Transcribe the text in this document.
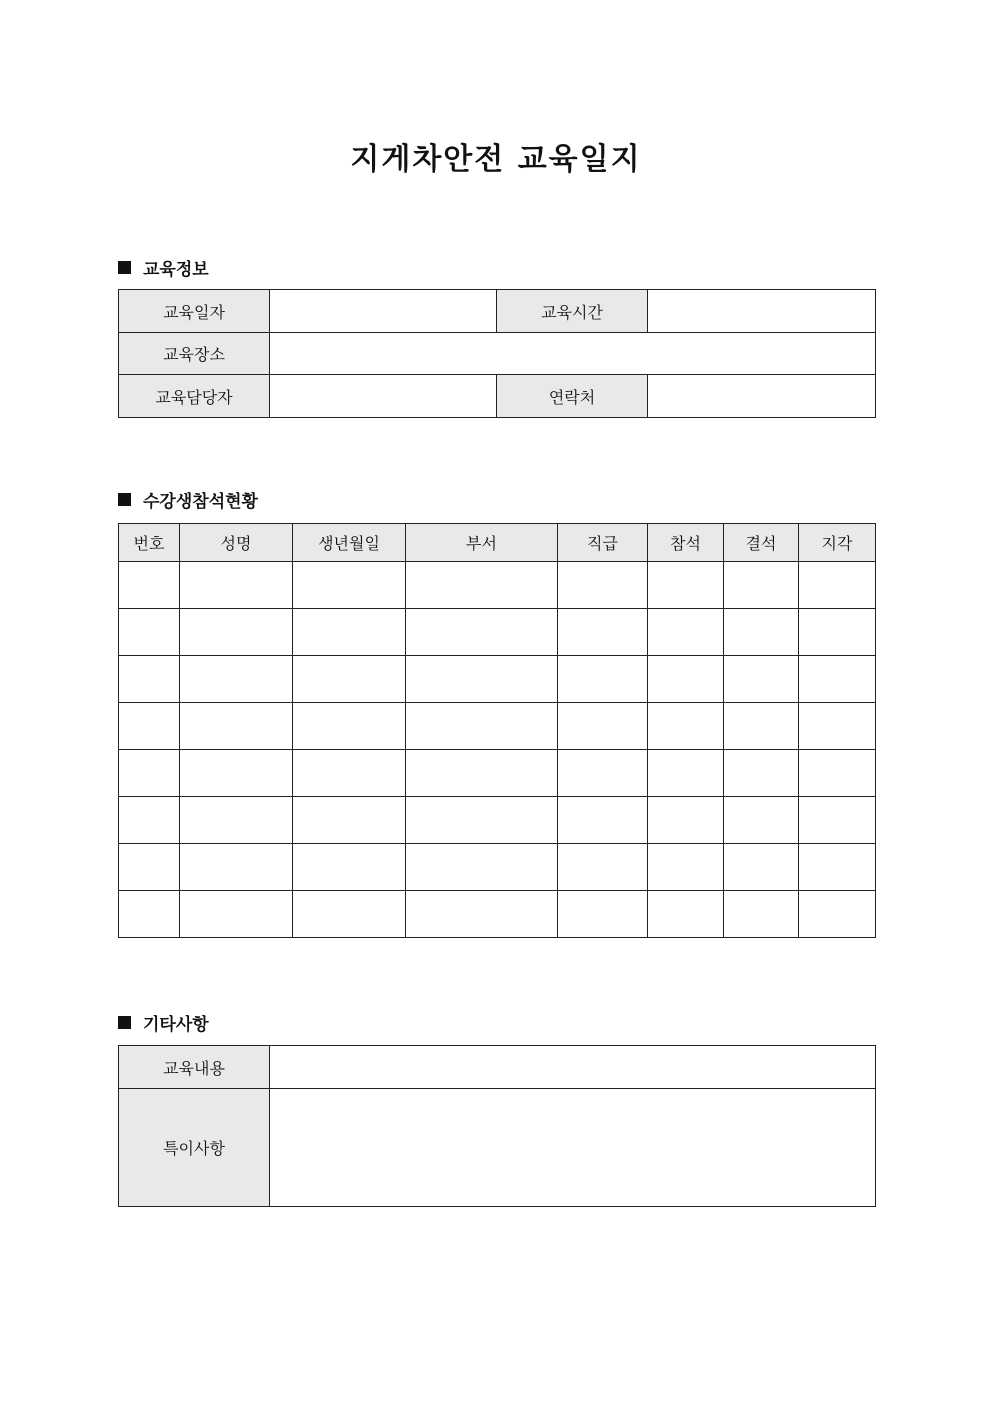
지게차안전 교육일지
교육정보
교육일자		교육시간	
교육장소			
교육담당자		연락처	
수강생참석현황
번호	성명	생년월일	부서	직급	참석	결석	지각

기타사항
교육내용	
특이사항	
